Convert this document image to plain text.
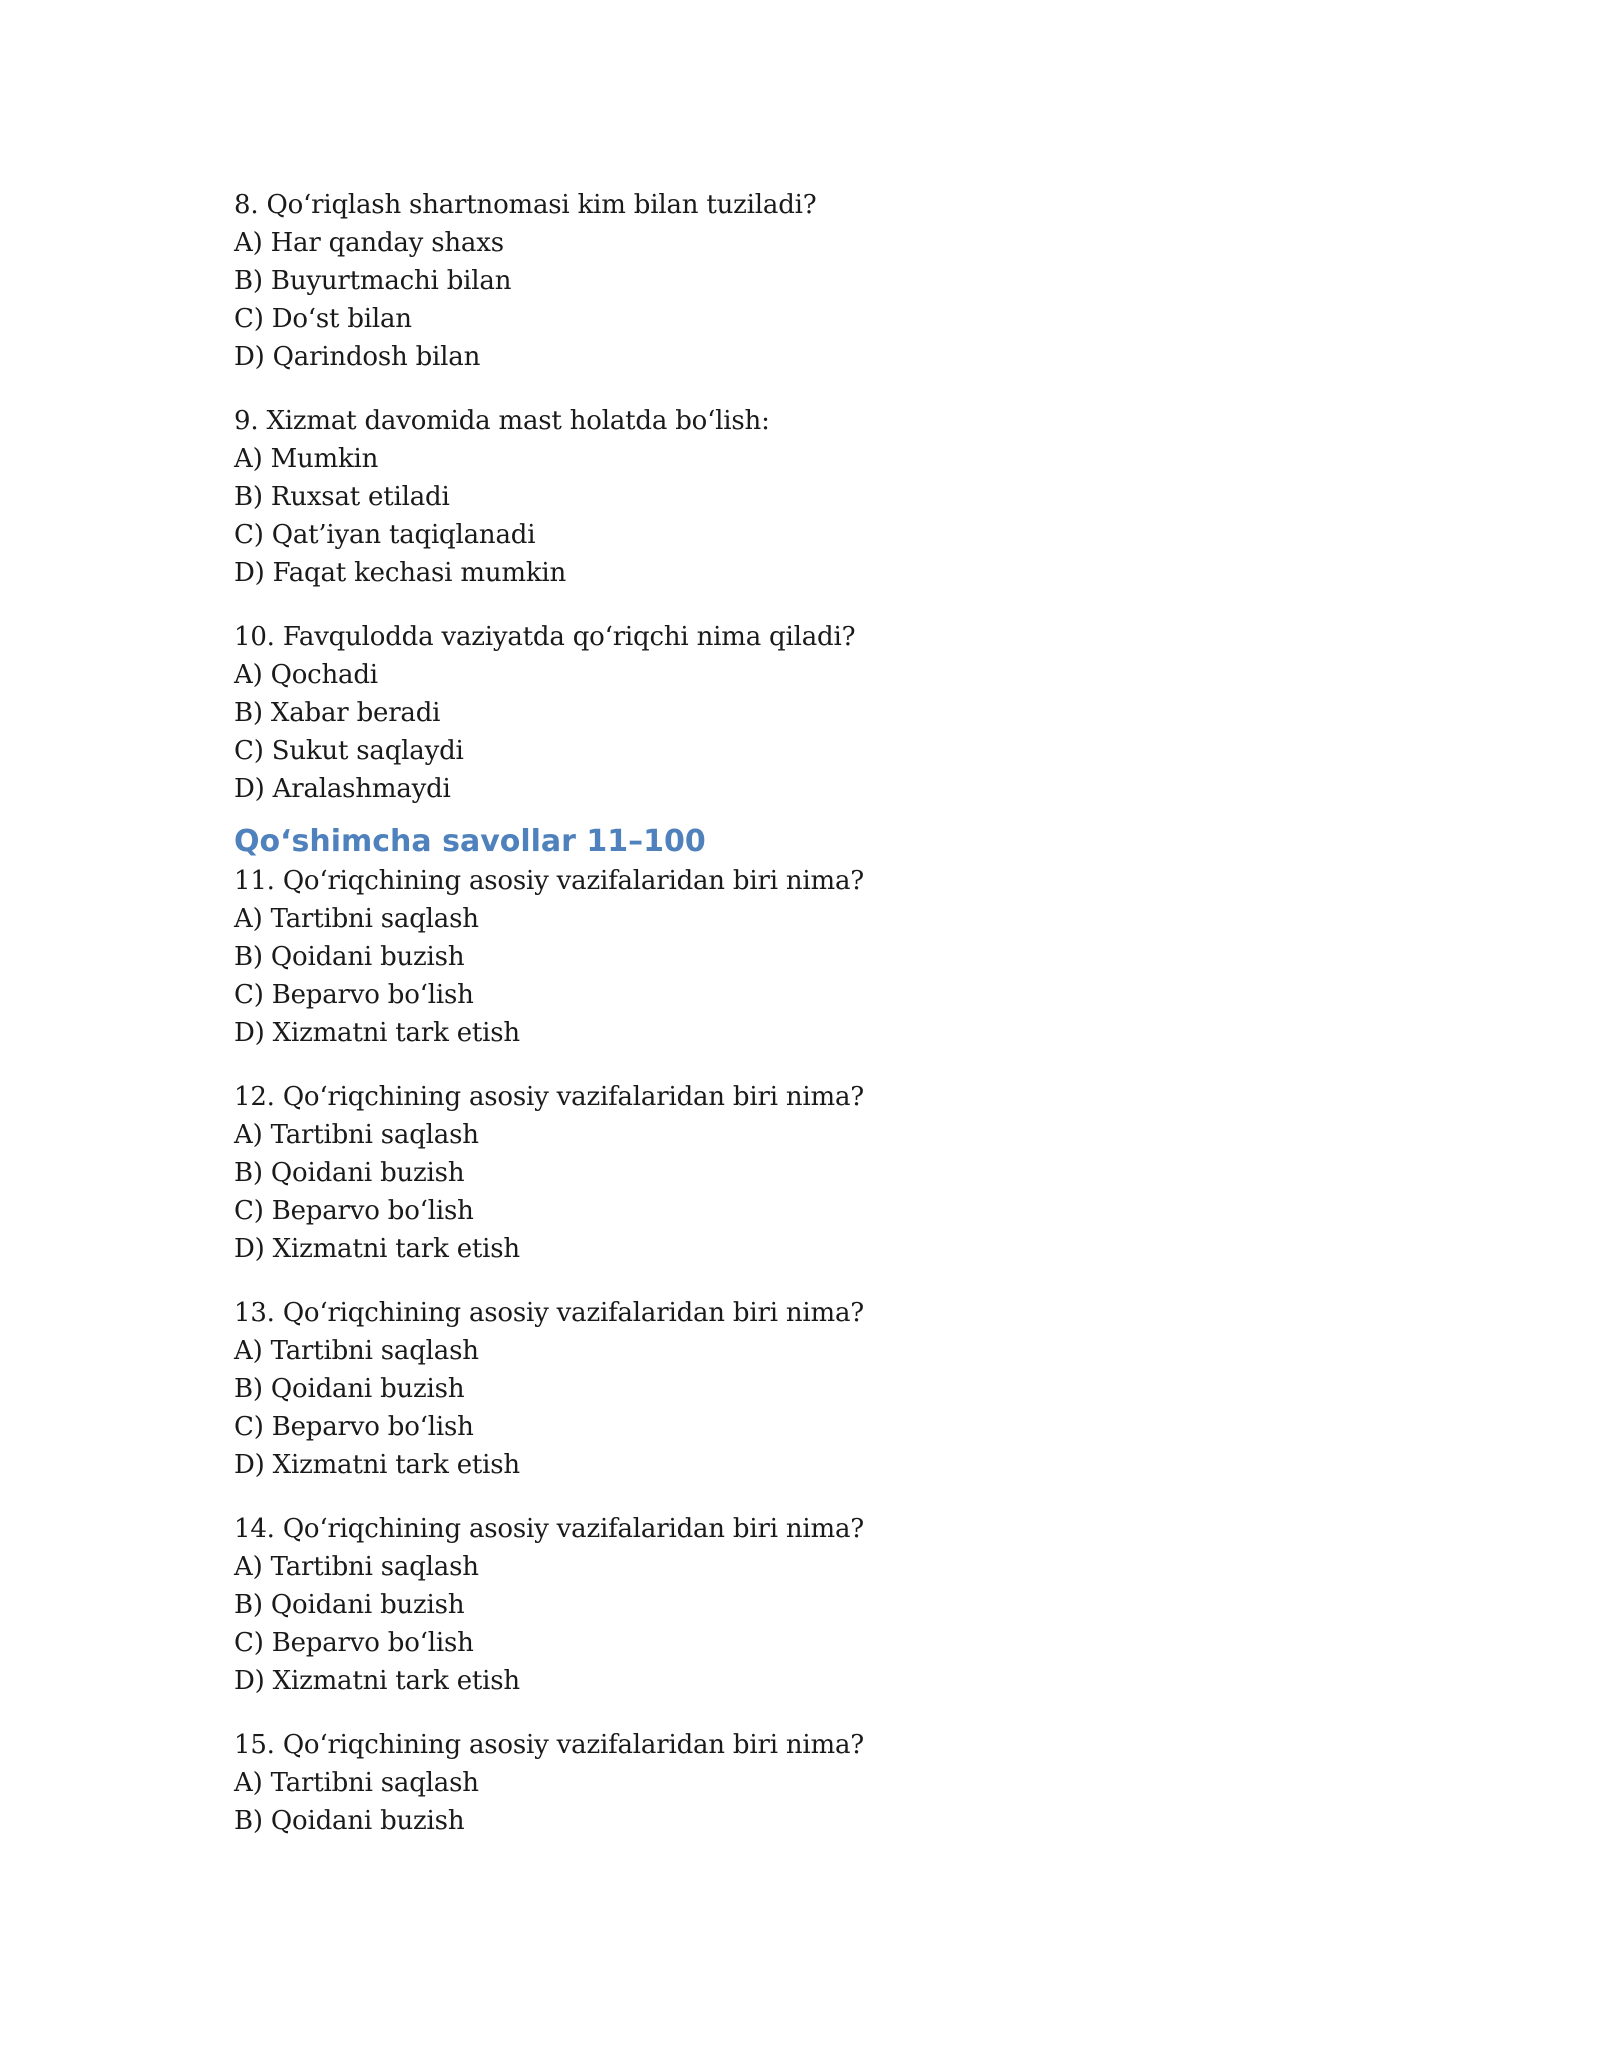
8. Qo‘riqlash shartnomasi kim bilan tuziladi?
A) Har qanday shaxs
B) Buyurtmachi bilan
C) Do‘st bilan
D) Qarindosh bilan
9. Xizmat davomida mast holatda bo‘lish:
A) Mumkin
B) Ruxsat etiladi
C) Qat’iyan taqiqlanadi
D) Faqat kechasi mumkin
10. Favqulodda vaziyatda qo‘riqchi nima qiladi?
A) Qochadi
B) Xabar beradi
C) Sukut saqlaydi
D) Aralashmaydi
Qo‘shimcha savollar 11–100
11. Qo‘riqchining asosiy vazifalaridan biri nima?
A) Tartibni saqlash
B) Qoidani buzish
C) Beparvo bo‘lish
D) Xizmatni tark etish
12. Qo‘riqchining asosiy vazifalaridan biri nima?
A) Tartibni saqlash
B) Qoidani buzish
C) Beparvo bo‘lish
D) Xizmatni tark etish
13. Qo‘riqchining asosiy vazifalaridan biri nima?
A) Tartibni saqlash
B) Qoidani buzish
C) Beparvo bo‘lish
D) Xizmatni tark etish
14. Qo‘riqchining asosiy vazifalaridan biri nima?
A) Tartibni saqlash
B) Qoidani buzish
C) Beparvo bo‘lish
D) Xizmatni tark etish
15. Qo‘riqchining asosiy vazifalaridan biri nima?
A) Tartibni saqlash
B) Qoidani buzish
